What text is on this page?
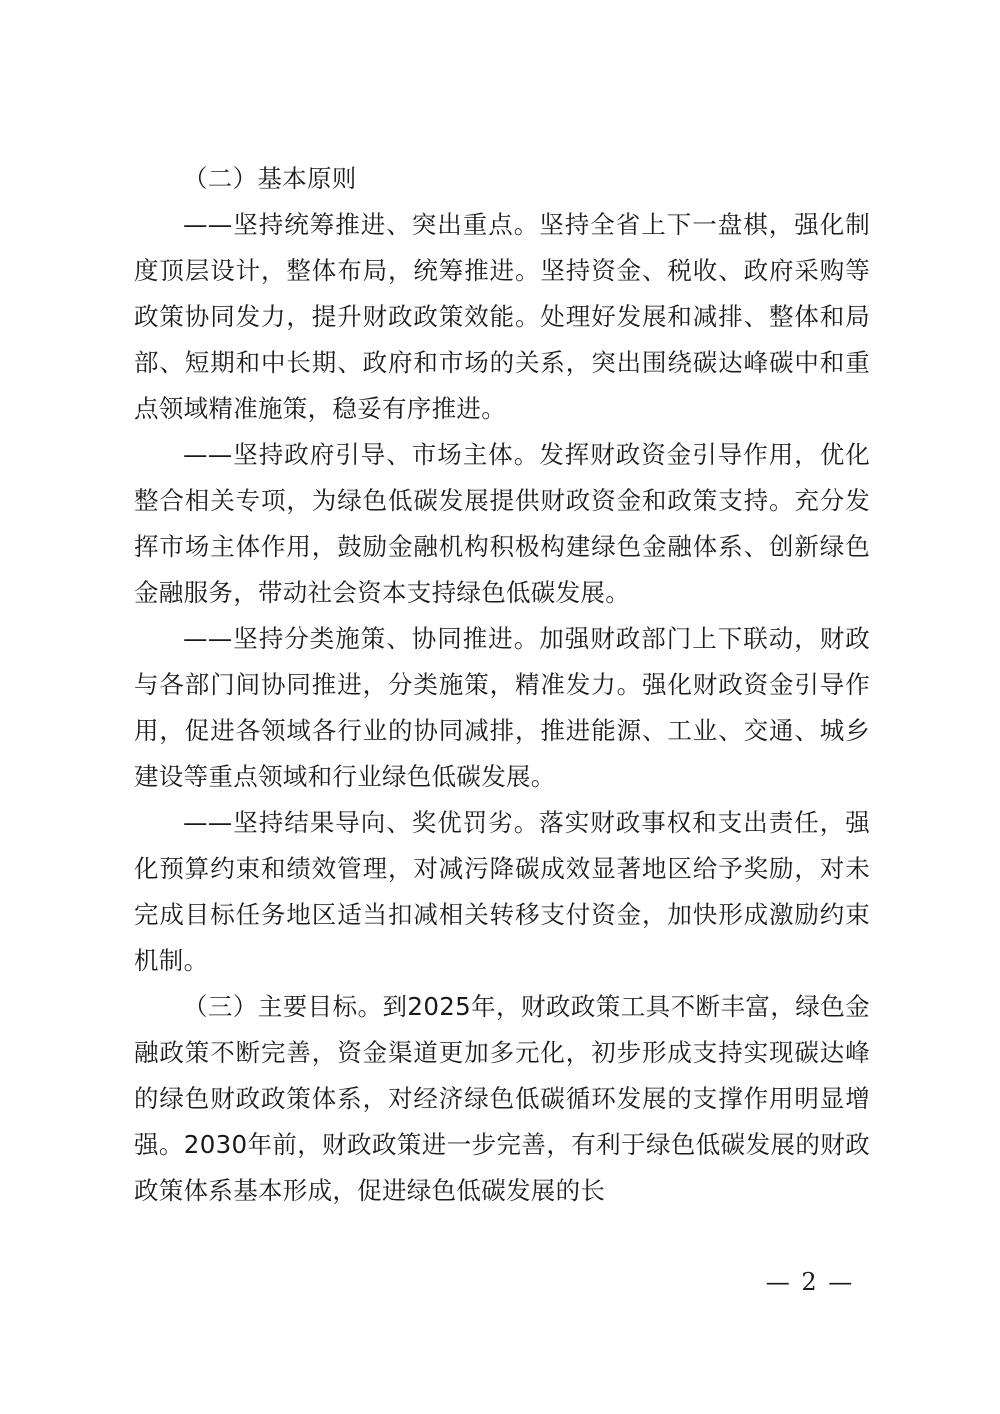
（二）基本原则

——坚持统筹推进、突出重点。坚持全省上下一盘棋，强化制度顶层设计，整体布局，统筹推进。坚持资金、税收、政府采购等政策协同发力，提升财政政策效能。处理好发展和减排、整体和局部、短期和中长期、政府和市场的关系，突出围绕碳达峰碳中和重点领域精准施策，稳妥有序推进。

——坚持政府引导、市场主体。发挥财政资金引导作用，优化整合相关专项，为绿色低碳发展提供财政资金和政策支持。充分发挥市场主体作用，鼓励金融机构积极构建绿色金融体系、创新绿色金融服务，带动社会资本支持绿色低碳发展。

——坚持分类施策、协同推进。加强财政部门上下联动，财政与各部门间协同推进，分类施策，精准发力。强化财政资金引导作用，促进各领域各行业的协同减排，推进能源、工业、交通、城乡建设等重点领域和行业绿色低碳发展。

——坚持结果导向、奖优罚劣。落实财政事权和支出责任，强化预算约束和绩效管理，对减污降碳成效显著地区给予奖励，对未完成目标任务地区适当扣减相关转移支付资金，加快形成激励约束机制。

（三）主要目标。到2025年，财政政策工具不断丰富，绿色金融政策不断完善，资金渠道更加多元化，初步形成支持实现碳达峰的绿色财政政策体系，对经济绿色低碳循环发展的支撑作用明显增强。2030年前，财政政策进一步完善，有利于绿色低碳发展的财政政策体系基本形成，促进绿色低碳发展的长

— 2 —
